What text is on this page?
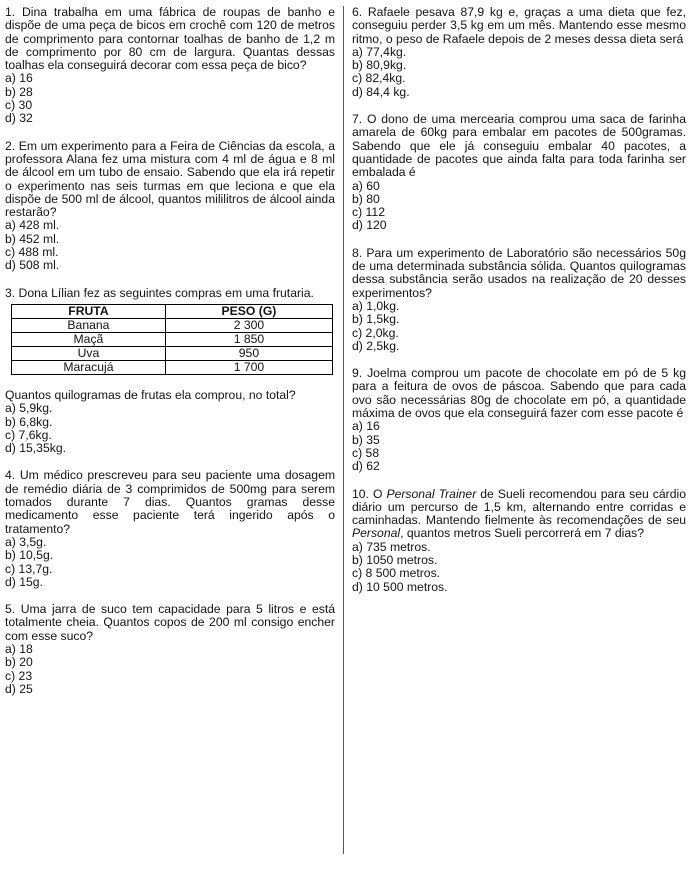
1. Dina trabalha em uma fábrica de roupas de banho e dispõe de uma peça de bicos em crochê com 120 de metros de comprimento para contornar toalhas de banho de 1,2 m de comprimento por 80 cm de largura. Quantas dessas toalhas ela conseguirá decorar com essa peça de bico?

a) 16

b) 28

c) 30

d) 32

2. Em um experimento para a Feira de Ciências da escola, a professora Alana fez uma mistura com 4 ml de água e 8 ml de álcool em um tubo de ensaio. Sabendo que ela irá repetir o experimento nas seis turmas em que leciona e que ela dispõe de 500 ml de álcool, quantos mililitros de álcool ainda restarão?

a) 428 ml.

b) 452 ml.

c) 488 ml.

d) 508 ml.

3. Dona Lílian fez as seguintes compras em uma frutaria.

FRUTA	PESO (G)
Banana	2 300
Maçã	1 850
Uva	950
Maracujá	1 700

Quantos quilogramas de frutas ela comprou, no total?

a) 5,9kg.

b) 6,8kg.

c) 7,6kg.

d) 15,35kg.

4. Um médico prescreveu para seu paciente uma dosagem de remédio diária de 3 comprimidos de 500mg para serem tomados durante 7 dias. Quantos gramas desse medicamento esse paciente terá ingerido após o tratamento?

a) 3,5g.

b) 10,5g.

c) 13,7g.

d) 15g.

5. Uma jarra de suco tem capacidade para 5 litros e está totalmente cheia. Quantos copos de 200 ml consigo encher com esse suco?

a) 18

b) 20

c) 23

d) 25

6. Rafaele pesava 87,9 kg e, graças a uma dieta que fez, conseguiu perder 3,5 kg em um mês. Mantendo esse mesmo ritmo, o peso de Rafaele depois de 2 meses dessa dieta será

a) 77,4kg.

b) 80,9kg.

c) 82,4kg.

d) 84,4 kg.

7. O dono de uma mercearia comprou uma saca de farinha amarela de 60kg para embalar em pacotes de 500gramas. Sabendo que ele já conseguiu embalar 40 pacotes, a quantidade de pacotes que ainda falta para toda farinha ser embalada é

a) 60

b) 80

c) 112

d) 120

8. Para um experimento de Laboratório são necessários 50g de uma determinada substância sólida. Quantos quilogramas dessa substância serão usados na realização de 20 desses experimentos?

a) 1,0kg.

b) 1,5kg.

c) 2,0kg.

d) 2,5kg.

9. Joelma comprou um pacote de chocolate em pó de 5 kg para a feitura de ovos de páscoa. Sabendo que para cada ovo são necessárias 80g de chocolate em pó, a quantidade máxima de ovos que ela conseguirá fazer com esse pacote é

a) 16

b) 35

c) 58

d) 62

10. O Personal Trainer de Sueli recomendou para seu cárdio diário um percurso de 1,5 km, alternando entre corridas e caminhadas. Mantendo fielmente às recomendações de seu Personal, quantos metros Sueli percorrerá em 7 dias?

a) 735 metros.

b) 1050 metros.

c) 8 500 metros.

d) 10 500 metros.
